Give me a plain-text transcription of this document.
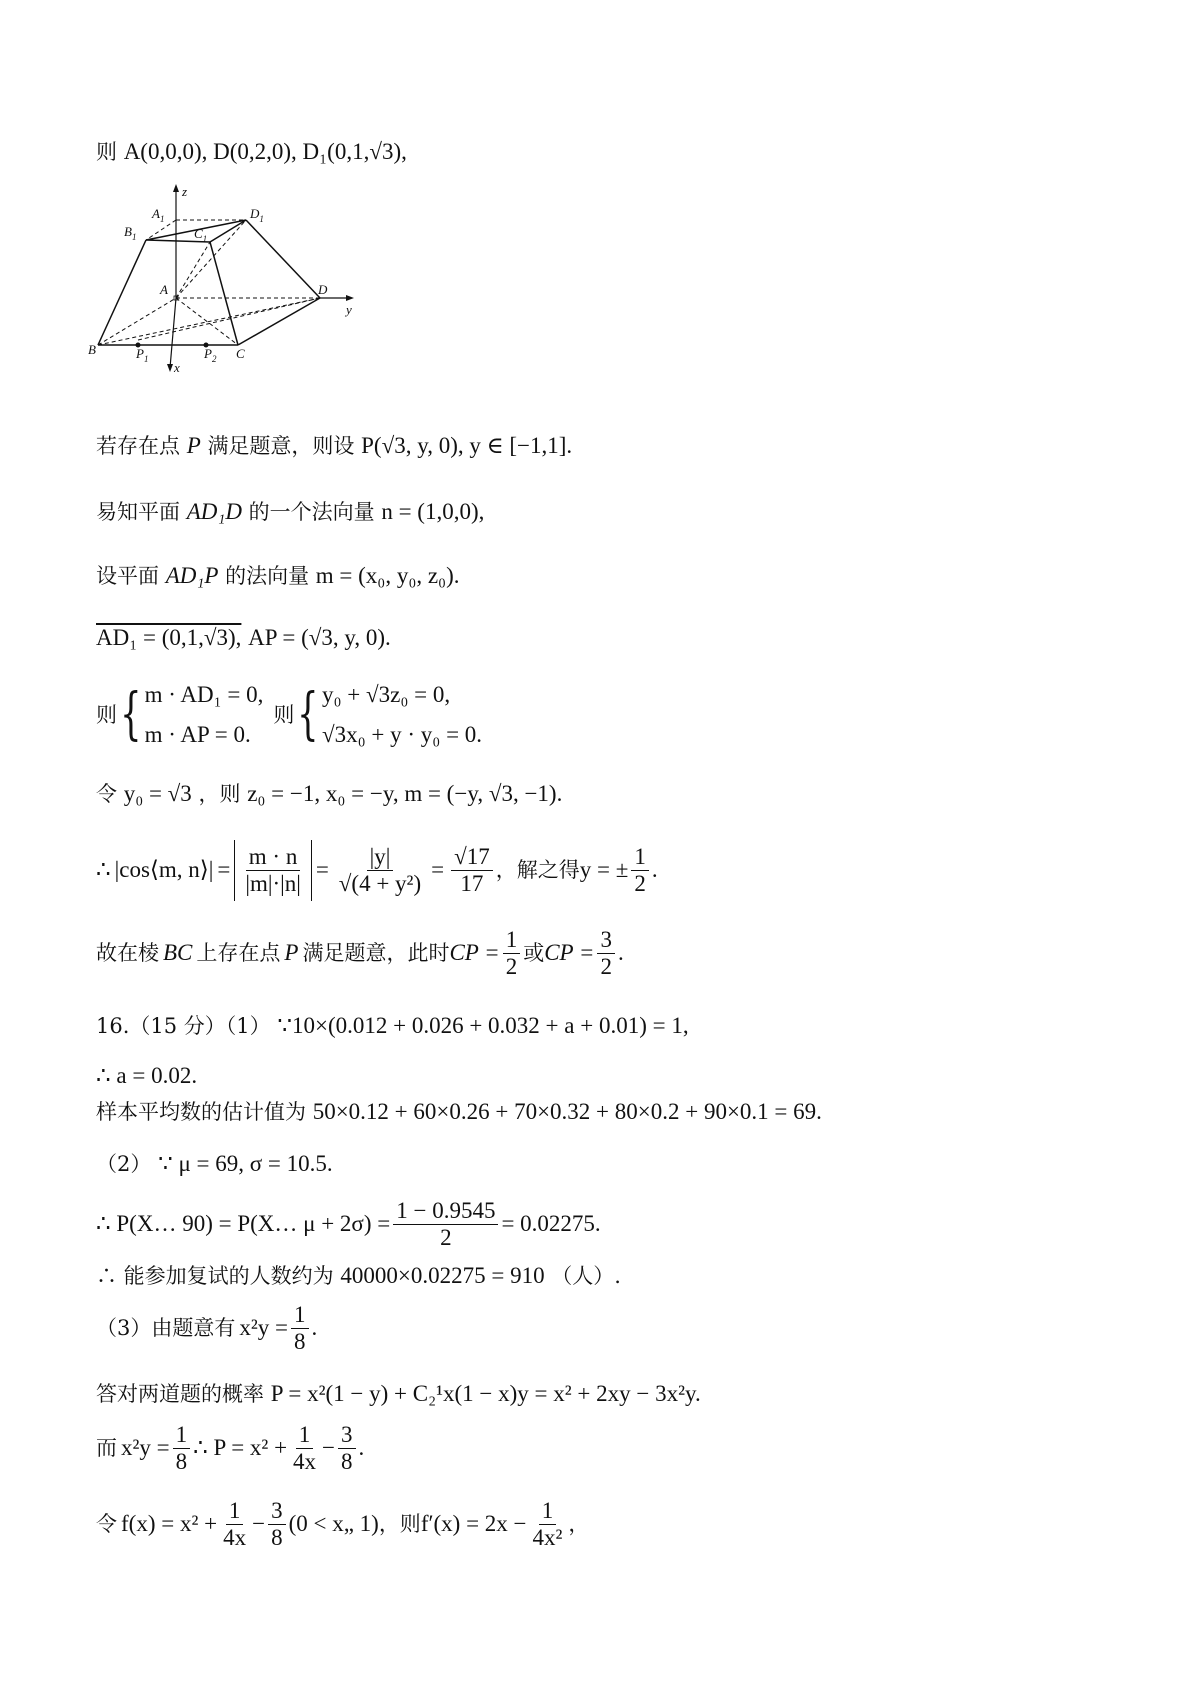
则 A(0,0,0), D(0,2,0), D₁(0,1,√3),
$A_1$	$D_1$
$B_1$	$C_1$
A	D
B	C
$P_1$	$P_2$
x
y
z
若存在点 P 满足题意，则设 P(√3, y, 0), y ∈ [−1,1].
易知平面 AD₁D 的一个法向量 n = (1,0,0),
设平面 AD₁P 的法向量 m = (x₀, y₀, z₀).
AD₁ = (0,1,√3), AP = (√3, y, 0).
则 { m · AD₁ = 0,
m · AP = 0.
则 { y₀ + √3z₀ = 0,
√3x₀ + y · y₀ = 0.
令 y₀ = √3 ，则 z₀ = −1, x₀ = −y, m = (−y, √3, −1).
∴ |cos⟨m, n⟩| = $\frac{m \cdot n}{|m|\cdot|n|} = \frac{|y|}{\text{√(4 + y²)}} = \frac{√17}{17}$ ，解之得 y = ± $\frac{1}{2}$ .
故在棱 BC 上存在点 P 满足题意，此时 CP = $\frac{1}{2}$ 或 CP = $\frac{3}{2}$ .
16.（15 分）（1） ∵10×(0.012 + 0.026 + 0.032 + a + 0.01) = 1,
∴ a = 0.02.
样本平均数的估计值为 50×0.12 + 60×0.26 + 70×0.32 + 80×0.2 + 90×0.1 = 69.
（2） ∵ μ = 69, σ = 10.5.
∴ P(X… 90) = P(X… $\mu + 2\sigma) = \frac{1 - 0.9545}{2} = 0.02275$.
∴ 能参加复试的人数约为 40000×0.02275 = 910 （人）.
（3）由题意有 $x^2y = \frac{1}{8}$ .
答对两道题的概率 P = x²(1 − y) + C₂¹x(1 − x)y = x² + 2xy − 3x²y.
而 $x^2y = \frac{1}{8}$ ∴ $P = x^2 + \frac{1}{4x} - \frac{3}{8}$ .
令 $f(x) = x^2 + \frac{1}{4x} - \frac{3}{8} (0$ < x„ 1) ，则 $f'(x) = 2x - \frac{1}{\text{4x²}}$ ，
